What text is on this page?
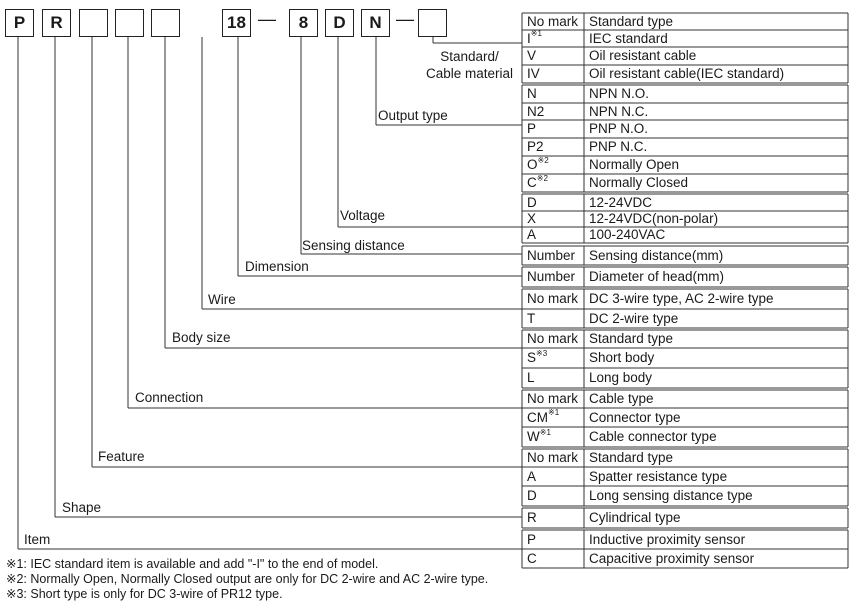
P	R	18	8	D	N
—	—	No mark Standard type
$I^{※1}$	IEC standard
V	Oil resistant cable
IV	Oil resistant cable(IEC standard)
Standard/
Cable material
N	NPN N.O.
N2	NPN N.C.
P	PNP N.O.
P2	PNP N.C.
$O^{※2}$	Normally Open
$C^{※2}$	Normally Closed
Output type
D	12-24VDC
X	12-24VDC(non-polar)
A	100-240VAC
Voltage
Number Sensing distance(mm)
Sensing distance
Number Diameter of head(mm)
Dimension
No mark DC 3-wire type, AC 2-wire type
T	DC 2-wire type
Wire
No mark Standard type
$S^{※3}$	Short body
L	Long body
Body size
No mark Cable type
CM$^{※1}$ Connector type
$W^{※1}$	Cable connector type
Connection
No mark Standard type
A	Spatter resistance type
D	Long sensing distance type
Feature
R	Cylindrical type
Shape
P	Inductive proximity sensor
C	Capacitive proximity sensor
Item
※1: IEC standard item is available and add "-I" to the end of model.
※2: Normally Open, Normally Closed output are only for DC 2-wire and AC 2-wire type.
※3: Short type is only for DC 3-wire of PR12 type.
